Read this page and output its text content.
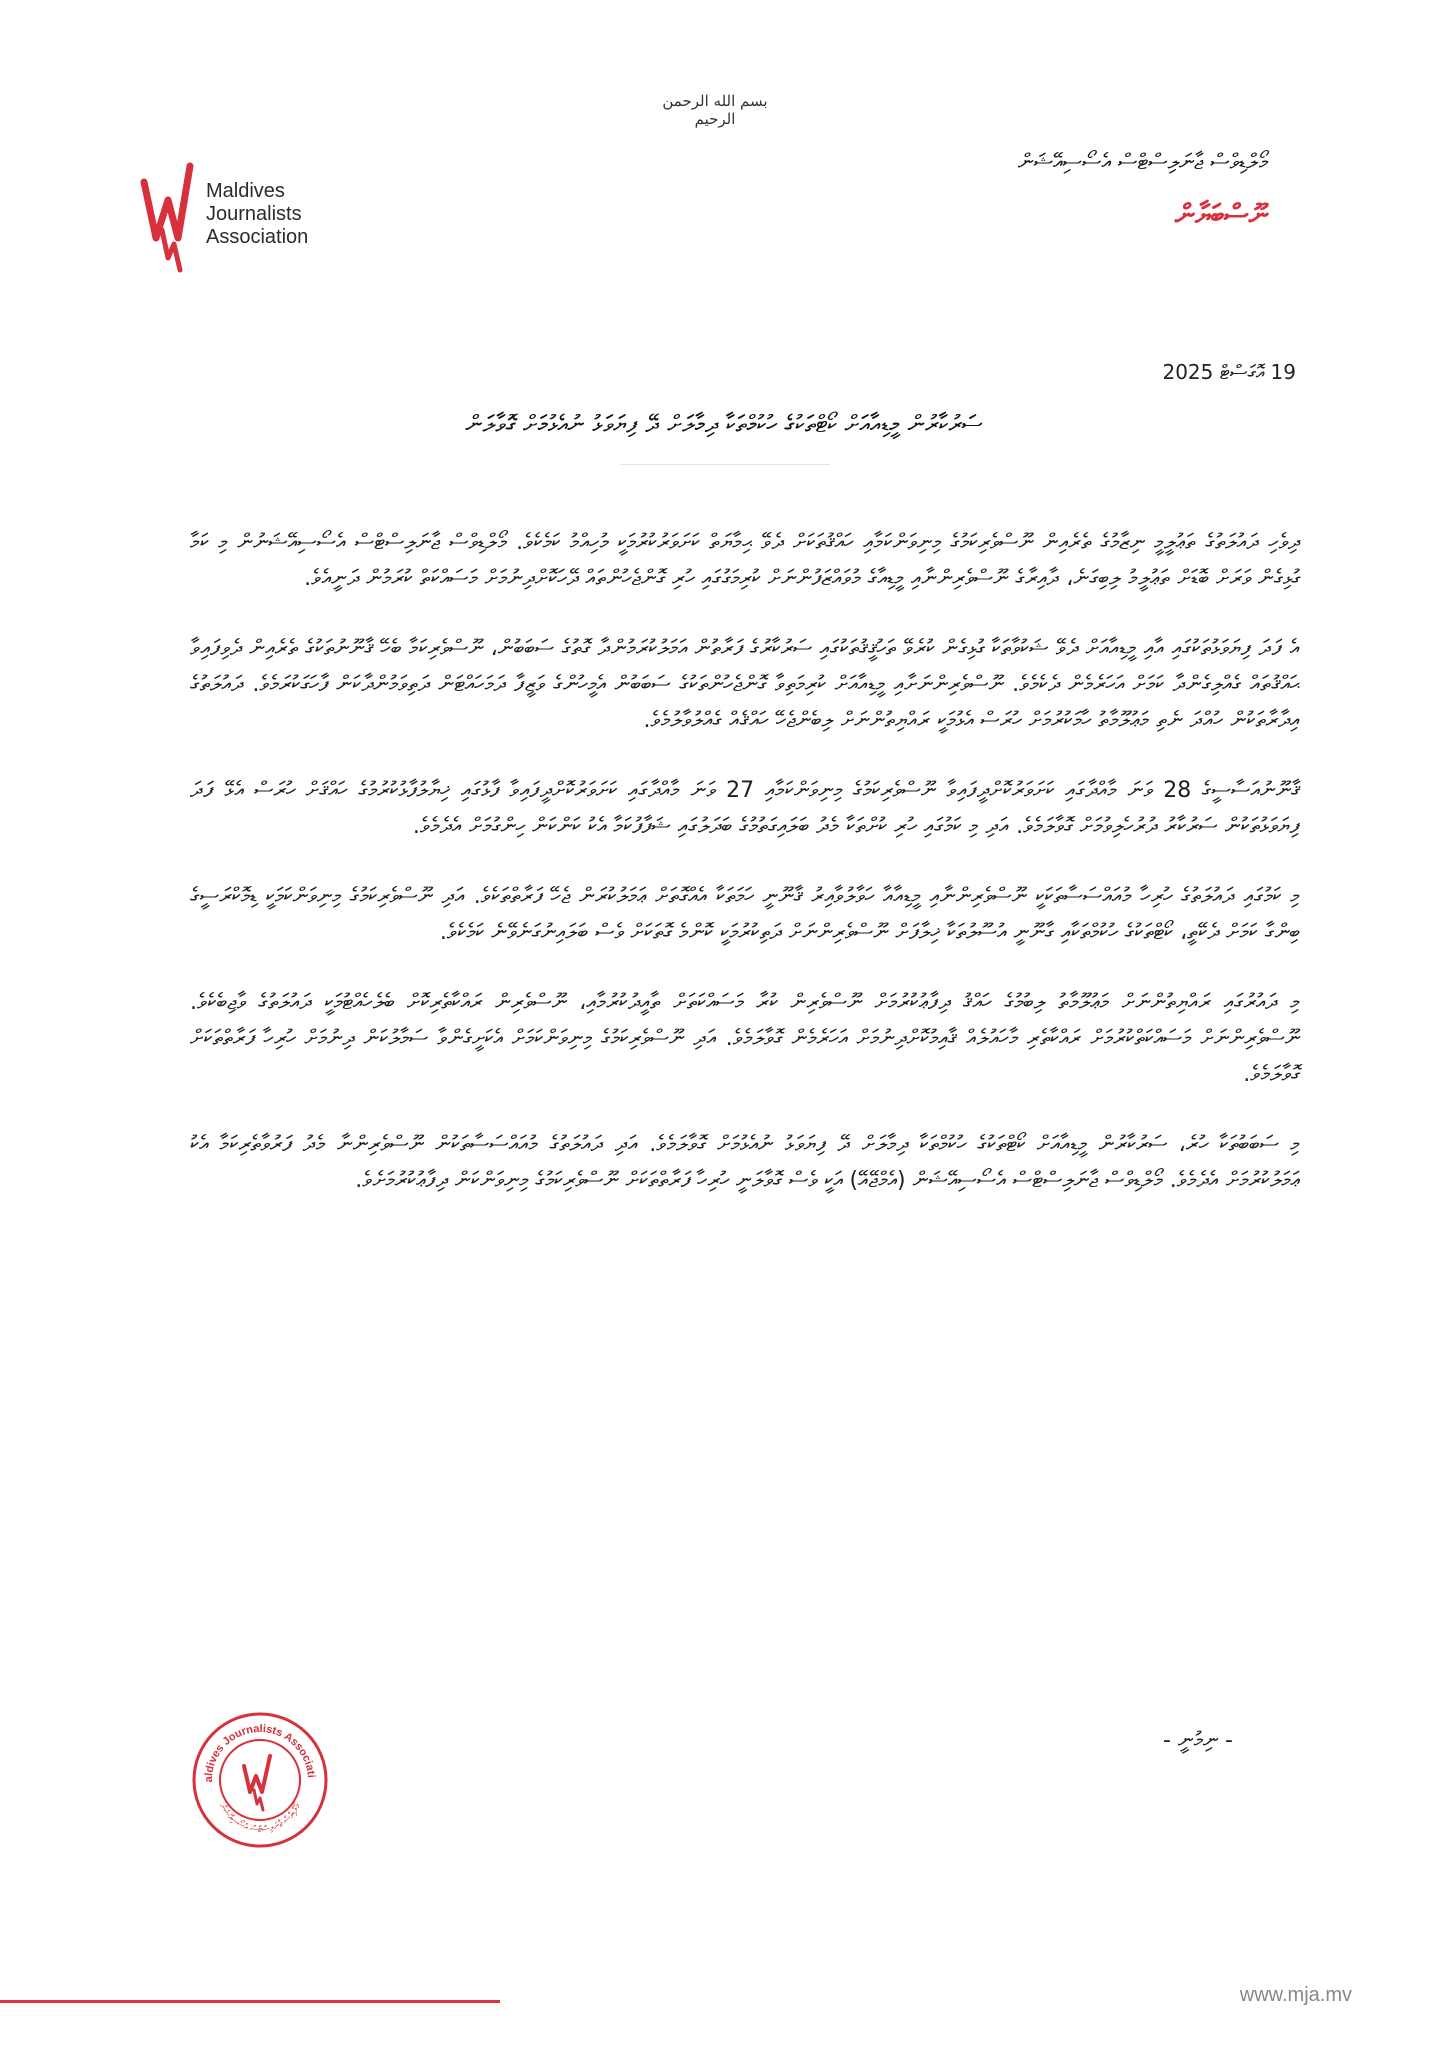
بسم الله الرحمن الرحيم
Maldives
Journalists
Association
މޯލްޑިވްސް ޖާނަލިސްޓްސް އެސޯސިއޭޝަން
ނޫސްބަޔާން
19 އޮގަސްޓް 2025
ސަރުކާރުން މީޑިއާއަށް ކޯޓްތަކުގެ ހުކުމްތަކާ ދިމާލަށް ދޭ ފިޔަވަޅު ނުއެޅުމަށް ގޮވާލަން

ދިވެހި ދައުލަތުގެ ތަޢުލީމީ ނިޒާމުގެ ތެރެއިން ނޫސްވެރިކަމުގެ މިނިވަންކަމާއި ހައްޤުތަކަށް ދެވޭ ޙިމާޔަތް ކަށަވަރުކުރުމަކީ މުހިއްމު ކަމެކެވެ. މޯލްޑިވްސް ޖާނަލިސްޓްސް އެސޯސިއޭޝަނުން މި ކަމާ ގުޅިގެން ވަރަށް ބޮޑަށް ތަޢުލީމު ލިބިގަނެ، ދާއިރާގެ ނޫސްވެރިންނާއި މީޑިއާގެ މުވައްޒަފުންނަށް ކުރިމަގުގައި ހުރި ގޮންޖެހުންތައް ދޭހަކޮށްދިނުމަށް މަސައްކަތް ކުރަމުން ދަނީއެވެ.

އެ ފަދަ ފިޔަވަޅުތަކުގައި އާއި މީޑިއާއަށް ދެވޭ ޝަކުވާތަކާ ގުޅިގެން ކުރެވޭ ތަހުޤީޤުތަކުގައި ސަރުކާރުގެ ފަރާތުން އަމަލުކުރަމުންދާ ގޮތުގެ ސަބަބުން، ނޫސްވެރިކަމާ ބެހޭ ޤާނޫނުތަކުގެ ތެރެއިން ދެވިފައިވާ ޙައްޤުތައް ގެއްލިގެންދާ ކަމަށް އަހަރެމެން ދެކެމެވެ. ނޫސްވެރިންނަށާއި މީޑިއާއަށް ކުރިމަތިވާ ގޮންޖެހުންތަކުގެ ސަބަބުން އެމީހުންގެ ވަޒީފާ ދަމަހައްޓަން ދަތިވަމުންދާކަން ފާހަގަކުރަމެވެ. ދައުލަތުގެ އިދާރާތަކުން ހުއްދަ ނެތި މަޢުލޫމާތު ހާމަކުރުމަށް ހުރަސް އެޅުމަކީ ރައްޔިތުންނަށް ލިބެންޖެހޭ ހައްޤެއް ގެއްލުވާލުމެވެ.

ޤާނޫނުއަސާސީގެ 28 ވަނަ މާއްދާގައި ކަށަވަރުކޮށްދީފައިވާ ނޫސްވެރިކަމުގެ މިނިވަންކަމާއި 27 ވަނަ މާއްދާގައި ކަށަވަރުކޮށްދީފައިވާ ފާޅުގައި ޚިޔާލުފާޅުކުރުމުގެ ހައްޤަށް ހުރަސް އެޅޭ ފަދަ ފިޔަވަޅުތަކުން ސަރުކާރު ދުރުހެލިވުމަށް ގޮވާލަމެވެ. އަދި މި ކަމުގައި ހުރި ކުށްތަކާ މެދު ބަލައިގަތުމުގެ ބަދަލުގައި ޝަފާފުކަމާ އެކު ކަންކަން ހިންގުމަށް އެދެމެވެ.

މި ކަމުގައި ދައުލަތުގެ ހުރިހާ މުއައްސަސާތަކަކީ ނޫސްވެރިންނާއި މީޑިއާއާ ހަވާލުވާއިރު ޤާނޫނީ ހަމަތަކާ އެއްގޮތަށް ޢަމަލުކުރަން ޖެހޭ ފަރާތްތަކެވެ. އަދި ނޫސްވެރިކަމުގެ މިނިވަންކަމަކީ ޑިމޮކްރަސީގެ ބިންގާ ކަމަށް ދެކޭތީ، ކޯޓްތަކުގެ ހުކުމްތަކާއި ގާނޫނީ އުސޫލުތަކާ ޚިލާފަށް ނޫސްވެރިންނަށް ދަތިކުރުމަކީ ކޮންމެ ގޮތަކަށް ވެސް ބަލައިނުގަނެވޭނެ ކަމެކެވެ.

މި ދައުރުގައި ރައްޔިތުންނަށް މަޢުލޫމާތު ލިބުމުގެ ހައްޤު ދިފާޢުކުރުމަށް ނޫސްވެރިން ކުރާ މަސައްކަތަށް ތާއީދުކުރުމާއި، ނޫސްވެރިން ރައްކާތެރިކޮށް ބެލެހެއްޓުމަކީ ދައުލަތުގެ ވާޖިބެކެވެ. ނޫސްވެރިންނަށް މަސައްކަތްކުރުމަށް ރައްކާތެރި މާހައުލެއް ޤާއިމުކޮށްދިނުމަށް އަހަރެމެން ގޮވާލަމެވެ. އަދި ނޫސްވެރިކަމުގެ މިނިވަންކަމަށް އެކަށީގެންވާ ސަމާލުކަން ދިނުމަށް ހުރިހާ ފަރާތްތަކަށް ގޮވާލަމެވެ.

މި ސަބަބުތަކާ ހުރެ، ސަރުކާރުން މީޑިއާއަށް ކޯޓްތަކުގެ ހުކުމްތަކާ ދިމާލަށް ދޭ ފިޔަވަޅު ނުއެޅުމަށް ގޮވާލަމެވެ. އަދި ދައުލަތުގެ މުއައްސަސާތަކުން ނޫސްވެރިންނާ މެދު ފަރުވާތެރިކަމާ އެކު ޢަމަލުކުރުމަށް އެދެމެވެ. މޯލްޑިވްސް ޖާނަލިސްޓްސް އެސޯސިއޭޝަން (އެމްޖޭއޭ) އަކީ ވެސް ގޮވާލަނީ ހުރިހާ ފަރާތްތަކަށް ނޫސްވެރިކަމުގެ މިނިވަންކަން ދިފާޢުކުރުމަށެވެ.

aldives Journalists Associati
މޯލްޑިވްސް ޖާނަލިސްޓްސް އެސޯސިއޭޝަން
- ނިމުނީ -
www.mja.mv
